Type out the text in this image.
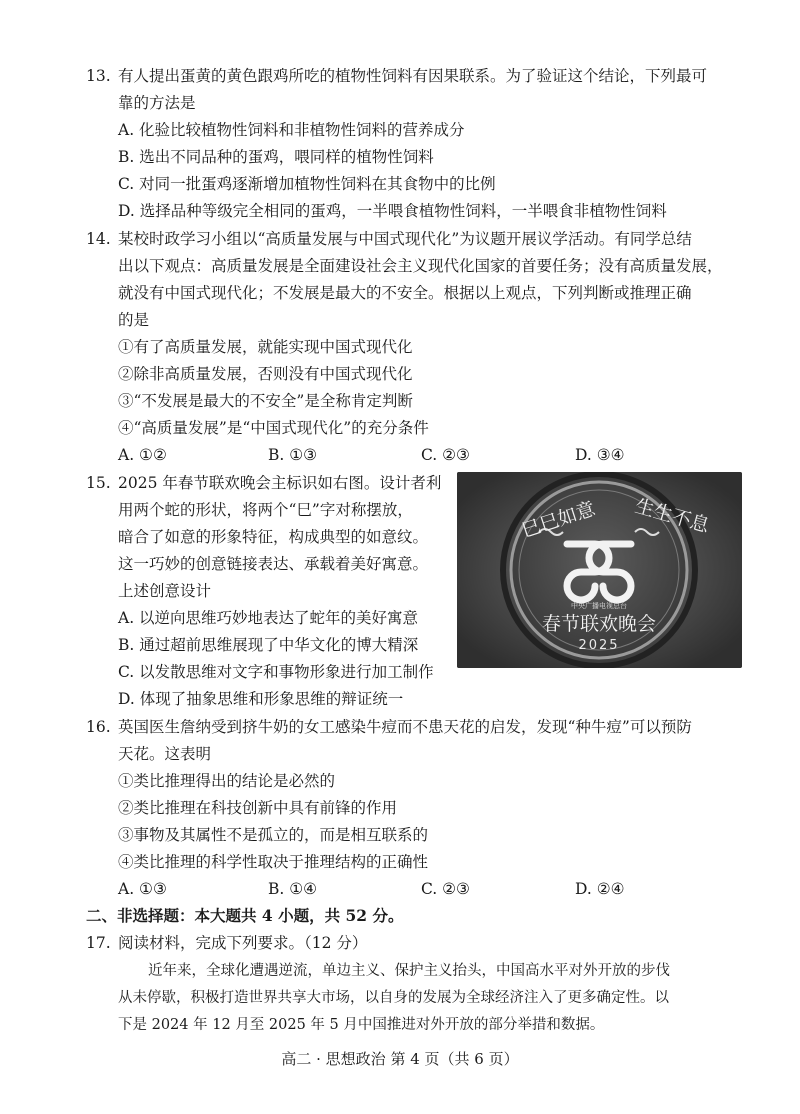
13. 有人提出蛋黄的黄色跟鸡所吃的植物性饲料有因果联系。为了验证这个结论，下列最可
靠的方法是
A. 化验比较植物性饲料和非植物性饲料的营养成分
B. 选出不同品种的蛋鸡，喂同样的植物性饲料
C. 对同一批蛋鸡逐渐增加植物性饲料在其食物中的比例
D. 选择品种等级完全相同的蛋鸡，一半喂食植物性饲料，一半喂食非植物性饲料
14. 某校时政学习小组以“高质量发展与中国式现代化”为议题开展议学活动。有同学总结
出以下观点：高质量发展是全面建设社会主义现代化国家的首要任务；没有高质量发展，
就没有中国式现代化；不发展是最大的不安全。根据以上观点，下列判断或推理正确
的是
①有了高质量发展，就能实现中国式现代化
②除非高质量发展，否则没有中国式现代化
③“不发展是最大的不安全”是全称肯定判断
④“高质量发展”是“中国式现代化”的充分条件
A. ①②	B. ①③	C. ②③	D. ③④
15. 2025 年春节联欢晚会主标识如右图。设计者利
用两个蛇的形状，将两个“巳”字对称摆放，
暗合了如意的形象特征，构成典型的如意纹。
这一巧妙的创意链接表达、承载着美好寓意。
上述创意设计
A. 以逆向思维巧妙地表达了蛇年的美好寓意
B. 通过超前思维展现了中华文化的博大精深
C. 以发散思维对文字和事物形象进行加工制作
D. 体现了抽象思维和形象思维的辩证统一
巳巳如意 生生不息
中央广播电视总台
春节联欢晚会
2025
16. 英国医生詹纳受到挤牛奶的女工感染牛痘而不患天花的启发，发现“种牛痘”可以预防
天花。这表明
①类比推理得出的结论是必然的
②类比推理在科技创新中具有前锋的作用
③事物及其属性不是孤立的，而是相互联系的
④类比推理的科学性取决于推理结构的正确性
A. ①③	B. ①④	C. ②③	D. ②④
二、非选择题：本大题共 4 小题，共 52 分。
17. 阅读材料，完成下列要求。（12 分）
近年来，全球化遭遇逆流，单边主义、保护主义抬头，中国高水平对外开放的步伐
从未停歇，积极打造世界共享大市场，以自身的发展为全球经济注入了更多确定性。以
下是 2024 年 12 月至 2025 年 5 月中国推进对外开放的部分举措和数据。
高二 · 思想政治 第 4 页（共 6 页）
